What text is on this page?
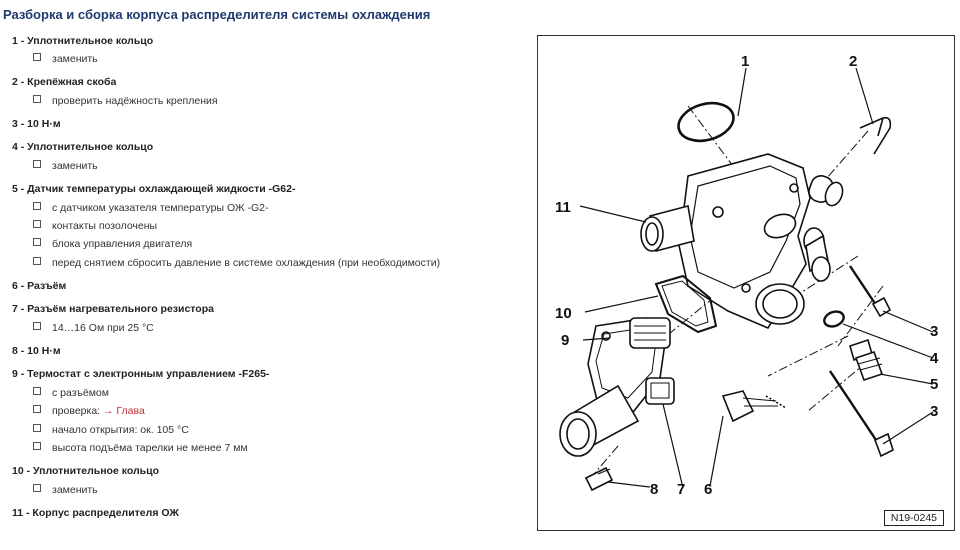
Разборка и сборка корпуса распределителя системы охлаждения
1 - Уплотнительное кольцо
заменить
2 - Крепёжная скоба
проверить надёжность крепления
3 - 10 Н·м
4 - Уплотнительное кольцо
заменить
5 - Датчик температуры охлаждающей жидкости -G62-
с датчиком указателя температуры ОЖ -G2-
контакты позолочены
блока управления двигателя
перед снятием сбросить давление в системе охлаждения (при необходимости)
6 - Разъём
7 - Разъём нагревательного резистора
14…16 Ом при 25 °С
8 - 10 Н·м
9 - Термостат с электронным управлением -F265-
с разъёмом
проверка: → Глава
начало открытия: ок. 105 °С
высота подъёма тарелки не менее 7 мм
10 - Уплотнительное кольцо
заменить
11 - Корпус распределителя ОЖ
1	2
3
4
5
3
6
7
8
9
10
11
N19-0245
